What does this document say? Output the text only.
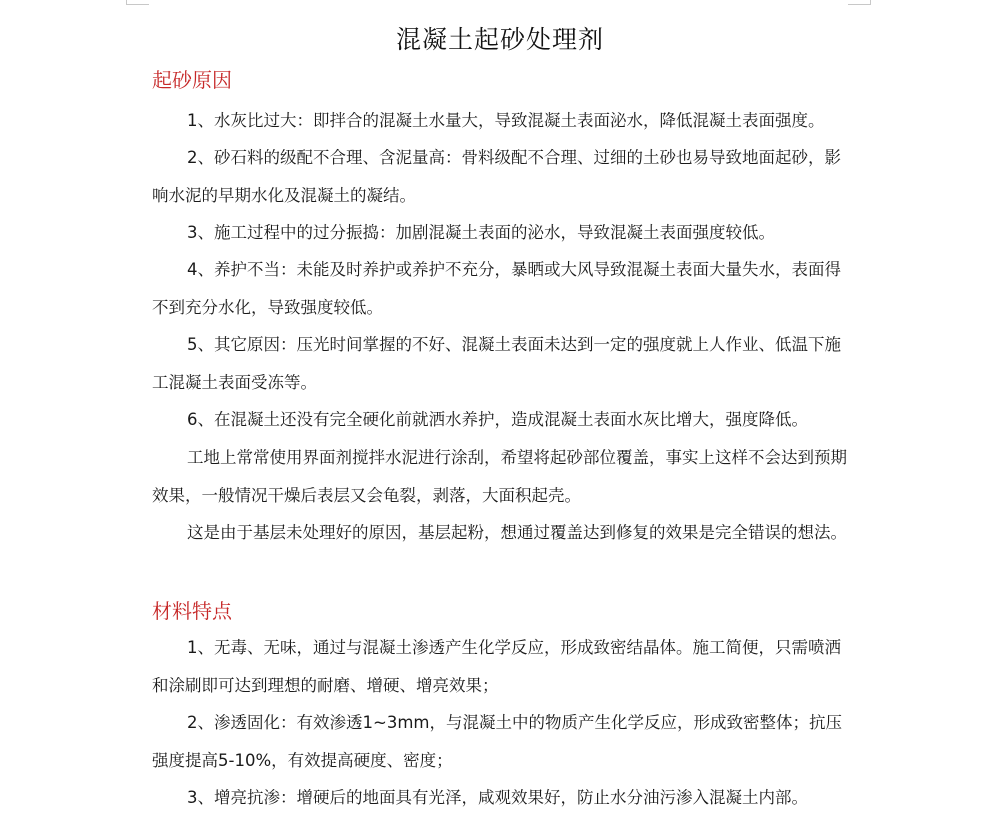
混凝土起砂处理剂
起砂原因

1、水灰比过大：即拌合的混凝土水量大，导致混凝土表面泌水，降低混凝土表面强度。

2、砂石料的级配不合理、含泥量高：骨料级配不合理、过细的土砂也易导致地面起砂，影响水泥的早期水化及混凝土的凝结。

3、施工过程中的过分振捣：加剧混凝土表面的泌水，导致混凝土表面强度较低。

4、养护不当：未能及时养护或养护不充分，暴晒或大风导致混凝土表面大量失水，表面得不到充分水化，导致强度较低。

5、其它原因：压光时间掌握的不好、混凝土表面未达到一定的强度就上人作业、低温下施工混凝土表面受冻等。

6、在混凝土还没有完全硬化前就洒水养护，造成混凝土表面水灰比增大，强度降低。

工地上常常使用界面剂搅拌水泥进行涂刮，希望将起砂部位覆盖，事实上这样不会达到预期效果，一般情况干燥后表层又会龟裂，剥落，大面积起壳。

这是由于基层未处理好的原因，基层起粉，想通过覆盖达到修复的效果是完全错误的想法。

材料特点

1、无毒、无味，通过与混凝土渗透产生化学反应，形成致密结晶体。施工简便，只需喷洒和涂刷即可达到理想的耐磨、增硬、增亮效果；

2、渗透固化：有效渗透1~3mm，与混凝土中的物质产生化学反应，形成致密整体；抗压强度提高5-10%，有效提高硬度、密度；

3、增亮抗渗：增硬后的地面具有光泽，咸观效果好，防止水分油污渗入混凝土内部。
